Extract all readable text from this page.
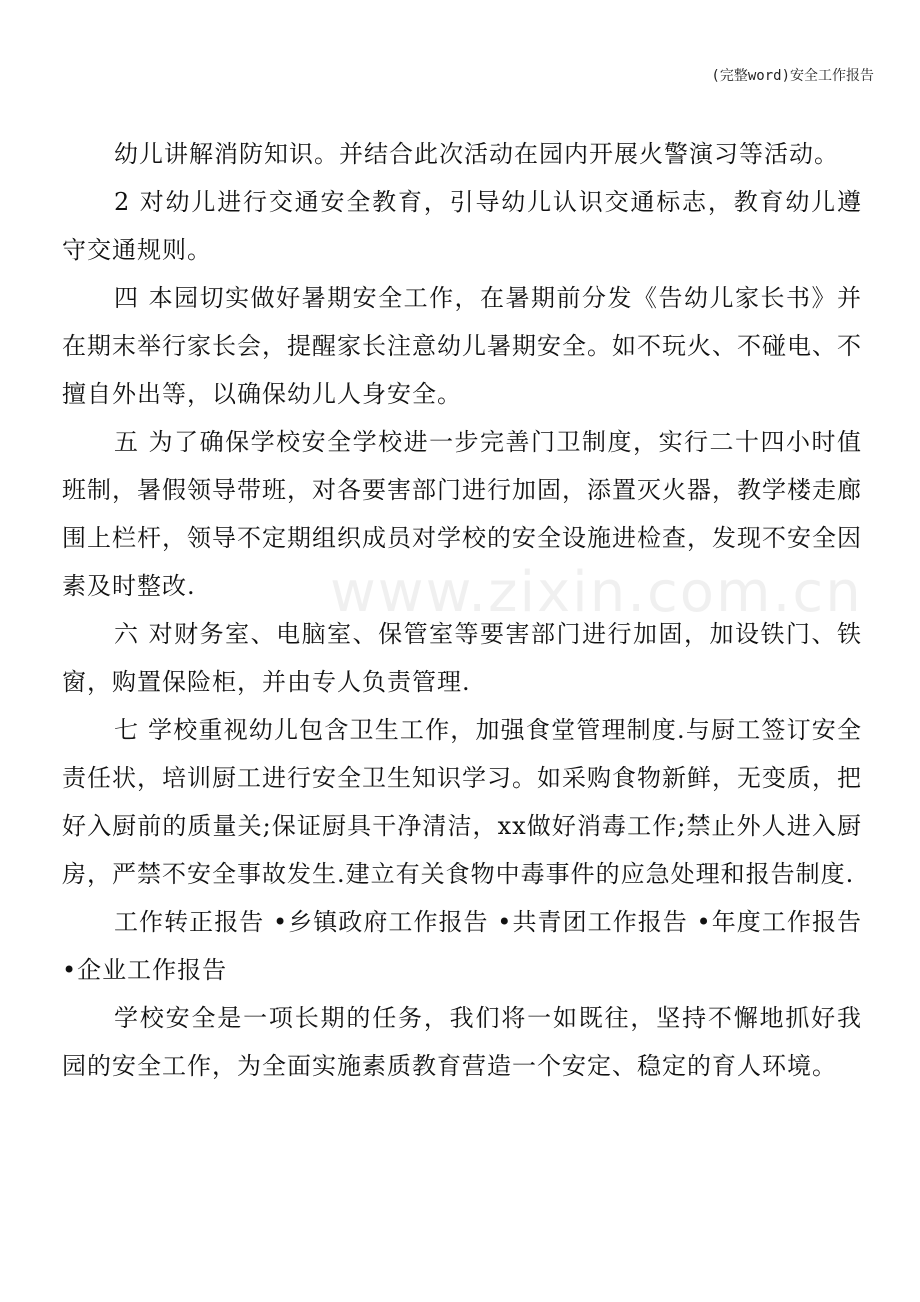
(完整word)安全工作报告
www.zixin.com.cn

幼儿讲解消防知识。并结合此次活动在园内开展火警演习等活动。

2 对幼儿进行交通安全教育，引导幼儿认识交通标志，教育幼儿遵守交通规则。

四 本园切实做好暑期安全工作，在暑期前分发《告幼儿家长书》并在期末举行家长会，提醒家长注意幼儿暑期安全。如不玩火、不碰电、不擅自外出等，以确保幼儿人身安全。

五 为了确保学校安全学校进一步完善门卫制度，实行二十四小时值班制，暑假领导带班，对各要害部门进行加固，添置灭火器，教学楼走廊围上栏杆，领导不定期组织成员对学校的安全设施进检查，发现不安全因素及时整改.

六 对财务室、电脑室、保管室等要害部门进行加固，加设铁门、铁窗，购置保险柜，并由专人负责管理.

七 学校重视幼儿包含卫生工作，加强食堂管理制度.与厨工签订安全责任状，培训厨工进行安全卫生知识学习。如采购食物新鲜，无变质，把好入厨前的质量关;保证厨具干净清洁，xx做好消毒工作;禁止外人进入厨房，严禁不安全事故发生.建立有关食物中毒事件的应急处理和报告制度.

工作转正报告 •乡镇政府工作报告 •共青团工作报告 •年度工作报告 •企业工作报告

学校安全是一项长期的任务，我们将一如既往，坚持不懈地抓好我园的安全工作，为全面实施素质教育营造一个安定、稳定的育人环境。
